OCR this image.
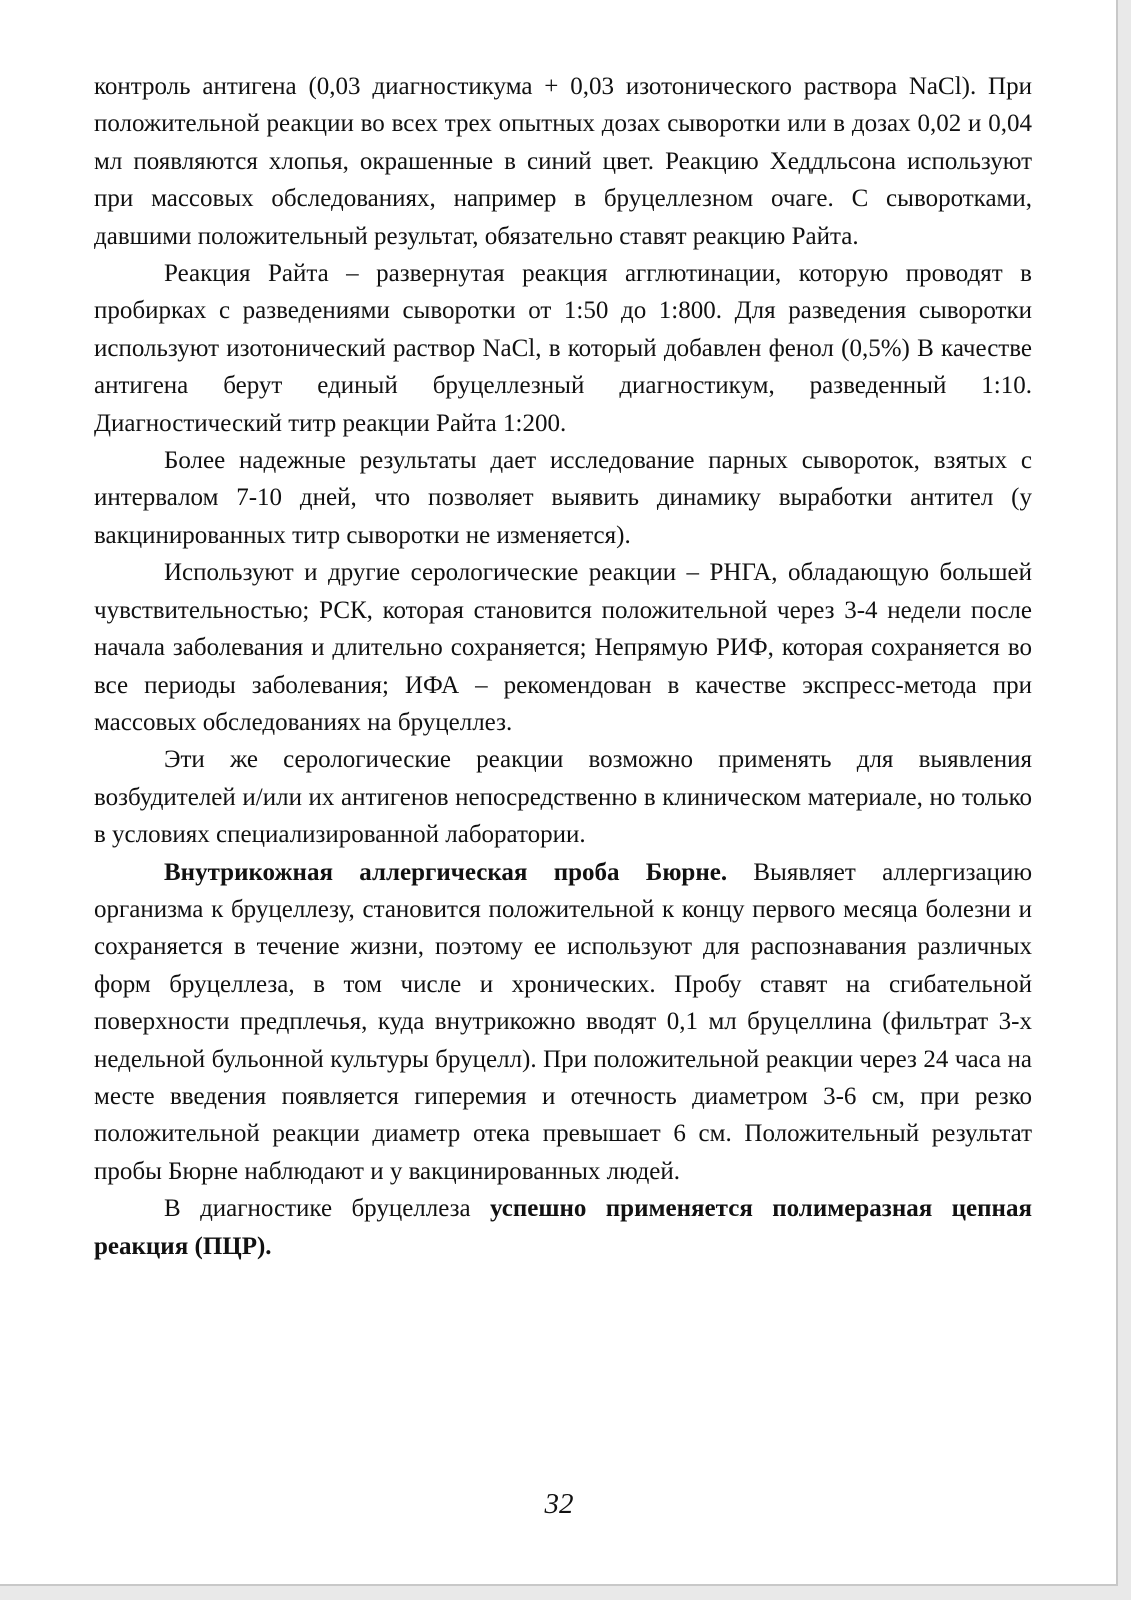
контроль антигена (0,03 диагностикума + 0,03 изотонического раствора NaCl). При положительной реакции во всех трех опытных дозах сыворотки или в дозах 0,02 и 0,04 мл появляются хлопья, окрашенные в синий цвет. Реакцию Хеддльсона используют при массовых обследованиях, например в бруцеллезном очаге. С сыворотками, давшими положительный результат, обязательно ставят реакцию Райта.

Реакция Райта – развернутая реакция агглютинации, которую проводят в пробирках с разведениями сыворотки от 1:50 до 1:800. Для разведения сыворотки используют изотонический раствор NaCl, в который добавлен фенол (0,5%) В качестве антигена берут единый бруцеллезный диагностикум, разведенный 1:10. Диагностический титр реакции Райта 1:200.

Более надежные результаты дает исследование парных сывороток, взятых с интервалом 7-10 дней, что позволяет выявить динамику выработки антител (у вакцинированных титр сыворотки не изменяется).

Используют и другие серологические реакции – РНГА, обладающую большей чувствительностью; РСК, которая становится положительной через 3-4 недели после начала заболевания и длительно сохраняется; Непрямую РИФ, которая сохраняется во все периоды заболевания; ИФА – рекомендован в качестве экспресс-метода при массовых обследованиях на бруцеллез.

Эти же серологические реакции возможно применять для выявления возбудителей и/или их антигенов непосредственно в клиническом материале, но только в условиях специализированной лаборатории.

Внутрикожная аллергическая проба Бюрне. Выявляет аллергизацию организма к бруцеллезу, становится положительной к концу первого месяца болезни и сохраняется в течение жизни, поэтому ее используют для распознавания различных форм бруцеллеза, в том числе и хронических. Пробу ставят на сгибательной поверхности предплечья, куда внутрикожно вводят 0,1 мл бруцеллина (фильтрат 3-х недельной бульонной культуры бруцелл). При положительной реакции через 24 часа на месте введения появляется гиперемия и отечность диаметром 3-6 см, при резко положительной реакции диаметр отека превышает 6 см. Положительный результат пробы Бюрне наблюдают и у вакцинированных людей.

В диагностике бруцеллеза успешно применяется полимеразная цепная реакция (ПЦР).

32
